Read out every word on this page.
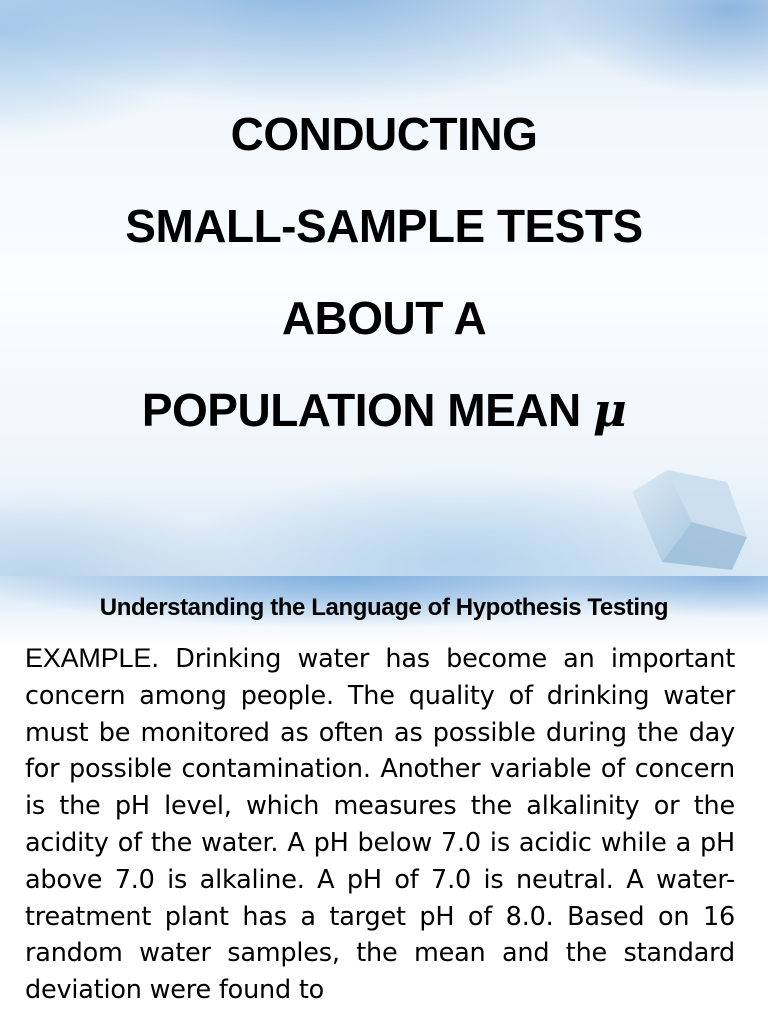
CONDUCTING
SMALL-SAMPLE TESTS
ABOUT A
POPULATION MEAN μ
Understanding the Language of Hypothesis Testing

EXAMPLE. Drinking water has become an important concern among people. The quality of drinking water must be monitored as often as possible during the day for possible contamination. Another variable of concern is the pH level, which measures the alkalinity or the acidity of the water. A pH below 7.0 is acidic while a pH above 7.0 is alkaline. A pH of 7.0 is neutral. A water-treatment plant has a target pH of 8.0. Based on 16 random water samples, the mean and the standard deviation were found to
